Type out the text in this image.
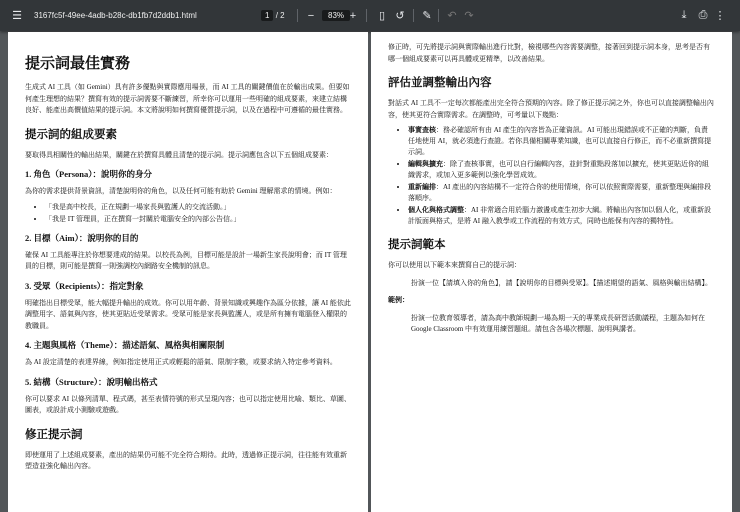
☰ 3167fc5f-49ee-4adb-b28c-db1fb7d2ddb1.html	1
/
2	−	83% +	▯ ↺ ✎ ↶ ↷	⤓	⎙ ⋮
提示詞最佳實務

生成式 AI 工具（如 Gemini）具有許多優點與實際應用場景，而 AI 工具的關鍵價值在於輸出成果。但要如何產生理想的結果？撰寫有效的提示詞需要不斷練習，所幸你可以運用一些明確的組成要素，來建立結構良好、能產出高價值結果的提示詞。本文將說明如何撰寫優質提示詞，以及在過程中可遵循的最佳實務。

提示詞的組成要素

要取得具相關性的輸出結果，關鍵在於撰寫具體且清楚的提示詞。提示詞應包含以下五個組成要素：

1. 角色（Persona）：說明你的身分

為你的需求提供背景資訊，清楚說明你的角色，以及任何可能有助於 Gemini 理解需求的情境。例如：

• 「我是高中校長，正在規劃一場家長與監護人的交流活動。」
• 「我是 IT 管理員，正在撰寫一封關於電腦安全的內部公告信。」
2. 目標（Aim）：說明你的目的

確保 AI 工具能專注於你想要達成的結果。以校長為例，目標可能是設計一場新生家長說明會；而 IT 管理員的目標，則可能是撰寫一則強調校內網路安全機制的訊息。

3. 受眾（Recipients）：指定對象

明確指出目標受眾，能大幅提升輸出的成效。你可以用年齡、背景知識或興趣作為區分依據，讓 AI 能依此調整用字、語氣與內容，使其更貼近受眾需求。受眾可能是家長與監護人，或是所有擁有電腦登入權限的教職員。

4. 主題與風格（Theme）：描述語氣、風格與相關限制

為 AI 設定清楚的表達界線，例如指定使用正式或輕鬆的語氣、限制字數，或要求納入特定參考資料。

5. 結構（Structure）：說明輸出格式

你可以要求 AI 以條列清單、程式碼，甚至表情符號的形式呈現內容；也可以指定使用比喻、類比、草圖、圖表，或設計成小測驗或遊戲。

修正提示詞

即使運用了上述組成要素，產出的結果仍可能不完全符合期待。此時，透過修正提示詞，往往能有效重新塑造並強化輸出內容。

修正時，可先將提示詞與實際輸出進行比對，檢視哪些內容需要調整，接著回到提示詞本身，思考是否有哪一個組成要素可以再具體或更精準，以改善結果。

評估並調整輸出內容

對話式 AI 工具不一定每次都能產出完全符合預期的內容。除了修正提示詞之外，你也可以直接調整輸出內容，使其更符合實際需求。在調整時，可考量以下幾點：

• 事實查核：務必確認所有由 AI 產生的內容皆為正確資訊。AI 可能出現錯誤或不正確的判斷，負責任地使用 AI，就必須進行查證。若你具備相關專業知識，也可以直接自行修正，而不必重新撰寫提示詞。
• 編輯與擴充：除了查核事實，也可以自行編輯內容，並針對重點段落加以擴充，使其更貼近你的組織需求，或加入更多範例以強化學習成效。
• 重新編排：AI 產出的內容結構不一定符合你的使用情境，你可以依照實際需要，重新整理與編排段落順序。
• 個人化與格式調整：AI 非常適合用於腦力激盪或產生初步大綱。將輸出內容加以個人化，或重新設計版面與格式，是將 AI 融入教學或工作流程的有效方式，同時也能保有內容的獨特性。
提示詞範本

你可以使用以下範本來撰寫自己的提示詞：

扮演一位【請填入你的角色】，請【說明你的目標與受眾】。【描述期望的語氣、風格與輸出結構】。

範例：

扮演一位教育領導者，請為高中教師規劃一場為期一天的專業成長研習活動議程，主題為如何在 Google Classroom 中有效運用練習題組。請包含各場次標題、說明與講者。
